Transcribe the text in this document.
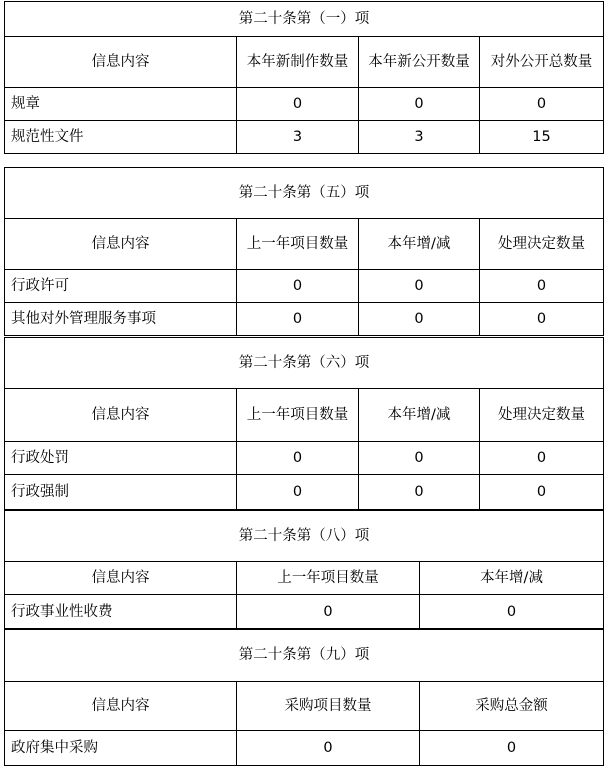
第二十条第（一）项			
信息内容	本年新制作数量	本年新公开数量	对外公开总数量
规章	0	0	0
规范性文件	3	3	15
第二十条第（五）项			
信息内容	上一年项目数量	本年增/减	处理决定数量
行政许可	0	0	0
其他对外管理服务事项	0	0	0
第二十条第（六）项			
信息内容	上一年项目数量	本年增/减	处理决定数量
行政处罚	0	0	0
行政强制	0	0	0
第二十条第（八）项		
信息内容	上一年项目数量	本年增/减
行政事业性收费	0	0
第二十条第（九）项		
信息内容	采购项目数量	采购总金额
政府集中采购	0	0
